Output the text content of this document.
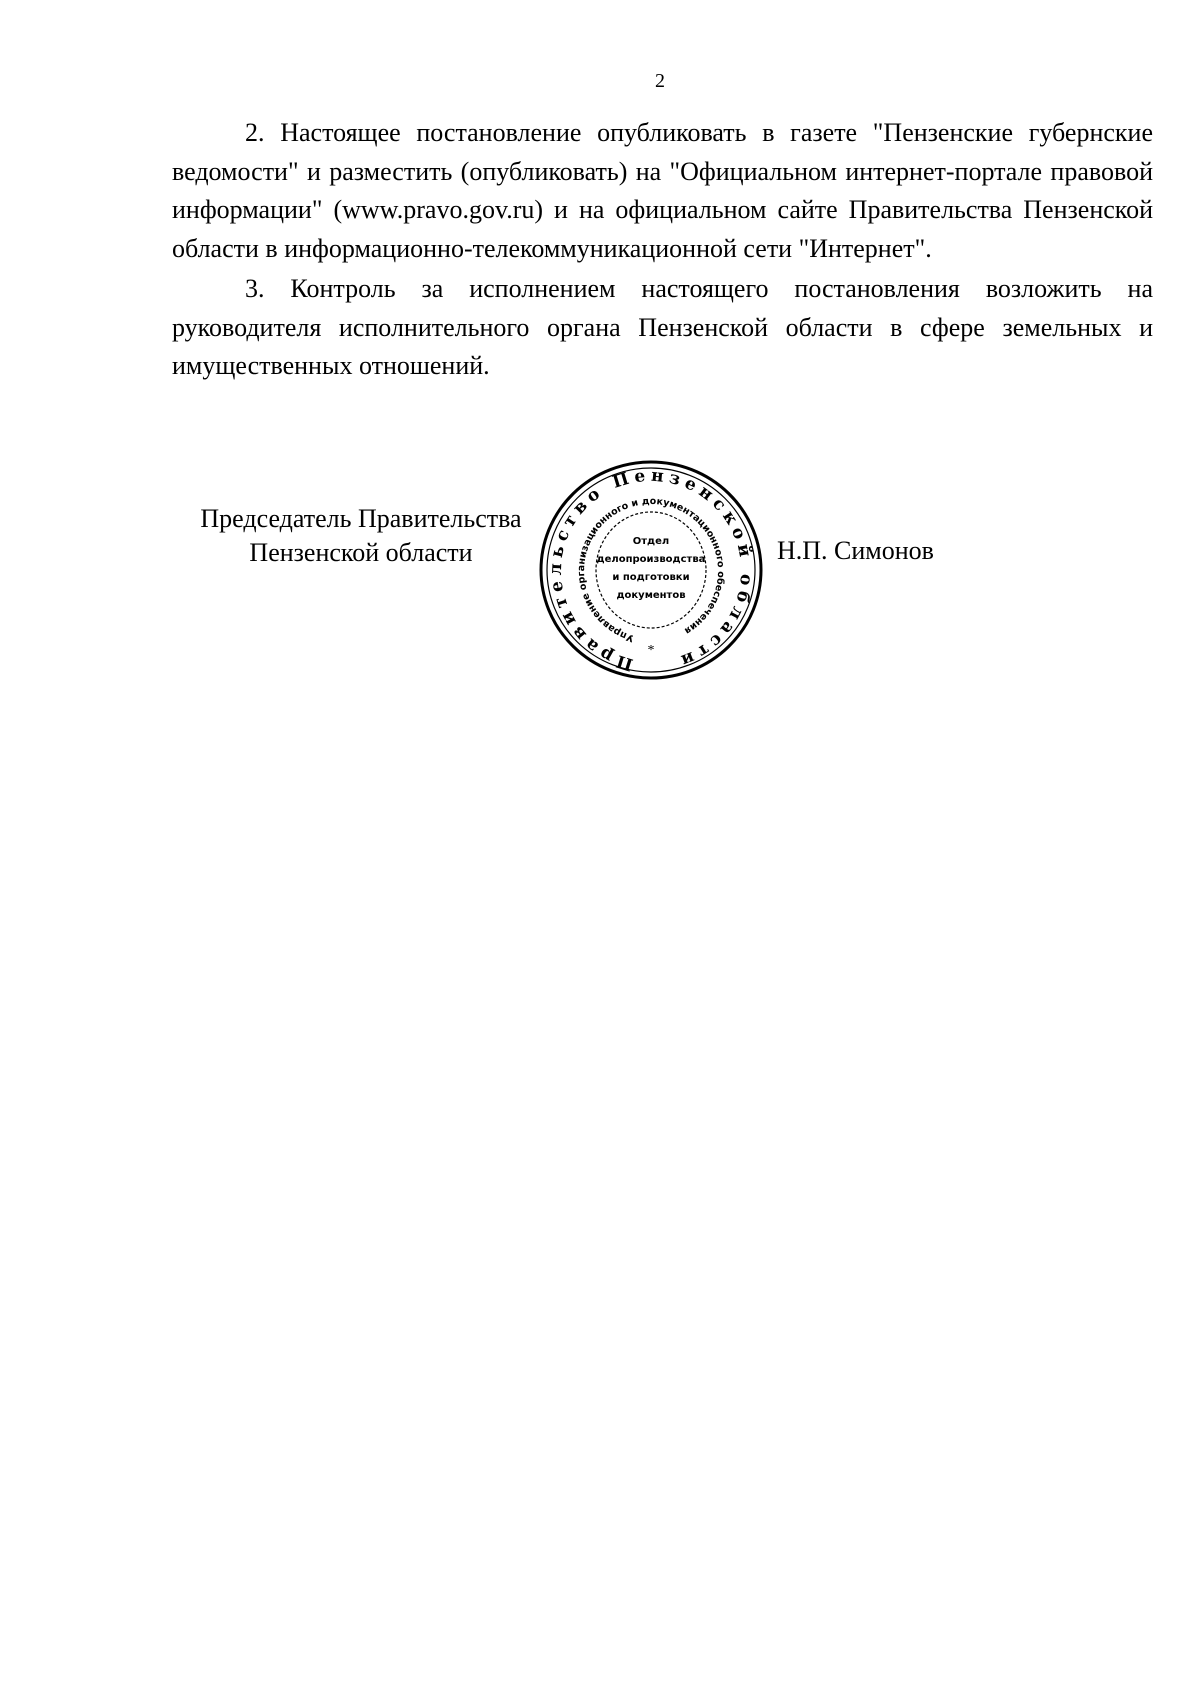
2

2. Настоящее постановление опубликовать в газете "Пензенские губернские ведомости" и разместить (опубликовать) на "Официальном интернет-портале правовой информации" (www.pravo.gov.ru) и на официальном сайте Правительства Пензенской области в информационно-телекоммуникационной сети "Интернет".

3. Контроль за исполнением настоящего постановления возложить на руководителя исполнительного органа Пензенской области в сфере земельных и имущественных отношений.

Председатель Правительства
Пензенской области
Правительство Пензенской области
Управление организационного и документационного обеспечения
Отдел
делопроизводства
и подготовки
документов
*
Н.П. Симонов
